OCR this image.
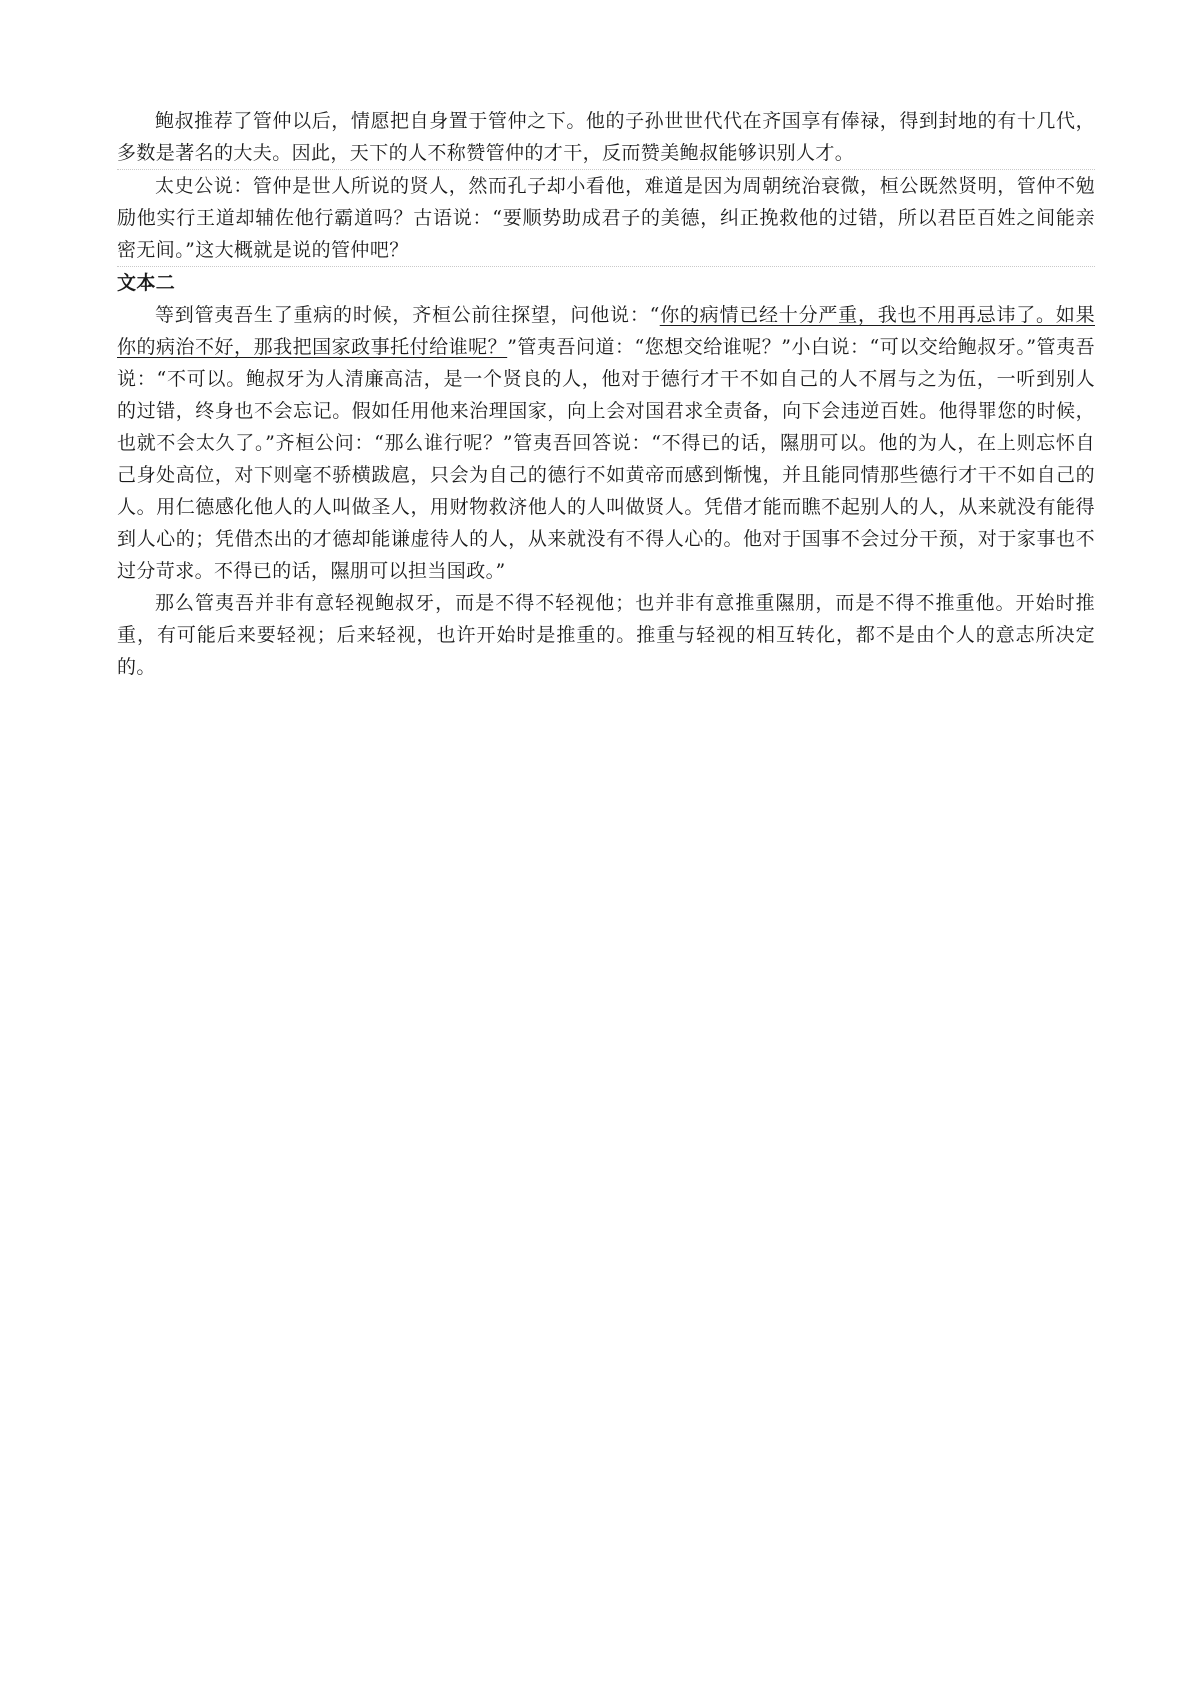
鲍叔推荐了管仲以后，情愿把自身置于管仲之下。他的子孙世世代代在齐国享有俸禄，得到封地的有十几代，多数是著名的大夫。因此，天下的人不称赞管仲的才干，反而赞美鲍叔能够识别人才。

太史公说：管仲是世人所说的贤人，然而孔子却小看他，难道是因为周朝统治衰微，桓公既然贤明，管仲不勉励他实行王道却辅佐他行霸道吗？古语说：“要顺势助成君子的美德，纠正挽救他的过错，所以君臣百姓之间能亲密无间。”这大概就是说的管仲吧？

文本二

等到管夷吾生了重病的时候，齐桓公前往探望，问他说：“你的病情已经十分严重，我也不用再忌讳了。如果你的病治不好，那我把国家政事托付给谁呢？”管夷吾问道：“您想交给谁呢？”小白说：“可以交给鲍叔牙。”管夷吾说：“不可以。鲍叔牙为人清廉高洁，是一个贤良的人，他对于德行才干不如自己的人不屑与之为伍，一听到别人的过错，终身也不会忘记。假如任用他来治理国家，向上会对国君求全责备，向下会违逆百姓。他得罪您的时候，也就不会太久了。”齐桓公问：“那么谁行呢？”管夷吾回答说：“不得已的话，隰朋可以。他的为人，在上则忘怀自己身处高位，对下则毫不骄横跋扈，只会为自己的德行不如黄帝而感到惭愧，并且能同情那些德行才干不如自己的人。用仁德感化他人的人叫做圣人，用财物救济他人的人叫做贤人。凭借才能而瞧不起别人的人，从来就没有能得到人心的；凭借杰出的才德却能谦虚待人的人，从来就没有不得人心的。他对于国事不会过分干预，对于家事也不过分苛求。不得已的话，隰朋可以担当国政。”

那么管夷吾并非有意轻视鲍叔牙，而是不得不轻视他；也并非有意推重隰朋，而是不得不推重他。开始时推重，有可能后来要轻视；后来轻视，也许开始时是推重的。推重与轻视的相互转化，都不是由个人的意志所决定的。
